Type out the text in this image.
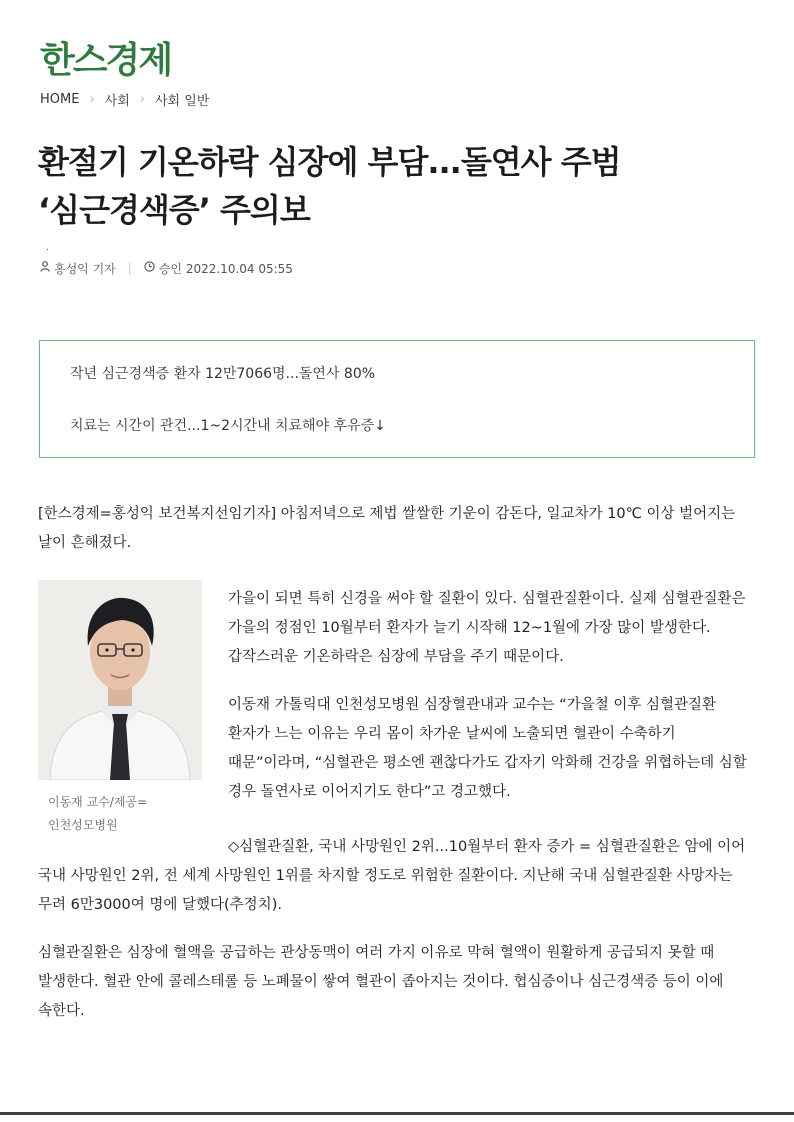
한스경제
HOME › 사회 › 사회 일반
환절기 기온하락 심장에 부담...돌연사 주범 ‘심근경색증’ 주의보
·
홍성익 기자 | 승인 2022.10.04 05:55
작년 심근경색증 환자 12만7066명...돌연사 80%
치료는 시간이 관건...1~2시간내 치료해야 후유증↓

[한스경제=홍성익 보건복지선임기자] 아침저녁으로 제법 쌀쌀한 기운이 감돈다, 일교차가 10℃ 이상 벌어지는 날이 흔해졌다.

이동재 교수/제공=인천성모병원

가을이 되면 특히 신경을 써야 할 질환이 있다. 심혈관질환이다. 실제 심혈관질환은 가을의 정점인 10월부터 환자가 늘기 시작해 12~1월에 가장 많이 발생한다. 갑작스러운 기온하락은 심장에 부담을 주기 때문이다.

이동재 가톨릭대 인천성모병원 심장혈관내과 교수는 “가을철 이후 심혈관질환 환자가 느는 이유는 우리 몸이 차가운 날씨에 노출되면 혈관이 수축하기 때문”이라며, “심혈관은 평소엔 괜찮다가도 갑자기 악화해 건강을 위협하는데 심할 경우 돌연사로 이어지기도 한다”고 경고했다.

◇심혈관질환, 국내 사망원인 2위...10월부터 환자 증가 = 심혈관질환은 암에 이어 국내 사망원인 2위, 전 세계 사망원인 1위를 차지할 정도로 위험한 질환이다. 지난해 국내 심혈관질환 사망자는 무려 6만3000여 명에 달했다(추정치).

심혈관질환은 심장에 혈액을 공급하는 관상동맥이 여러 가지 이유로 막혀 혈액이 원활하게 공급되지 못할 때 발생한다. 혈관 안에 콜레스테롤 등 노폐물이 쌓여 혈관이 좁아지는 것이다. 협심증이나 심근경색증 등이 이에 속한다.
